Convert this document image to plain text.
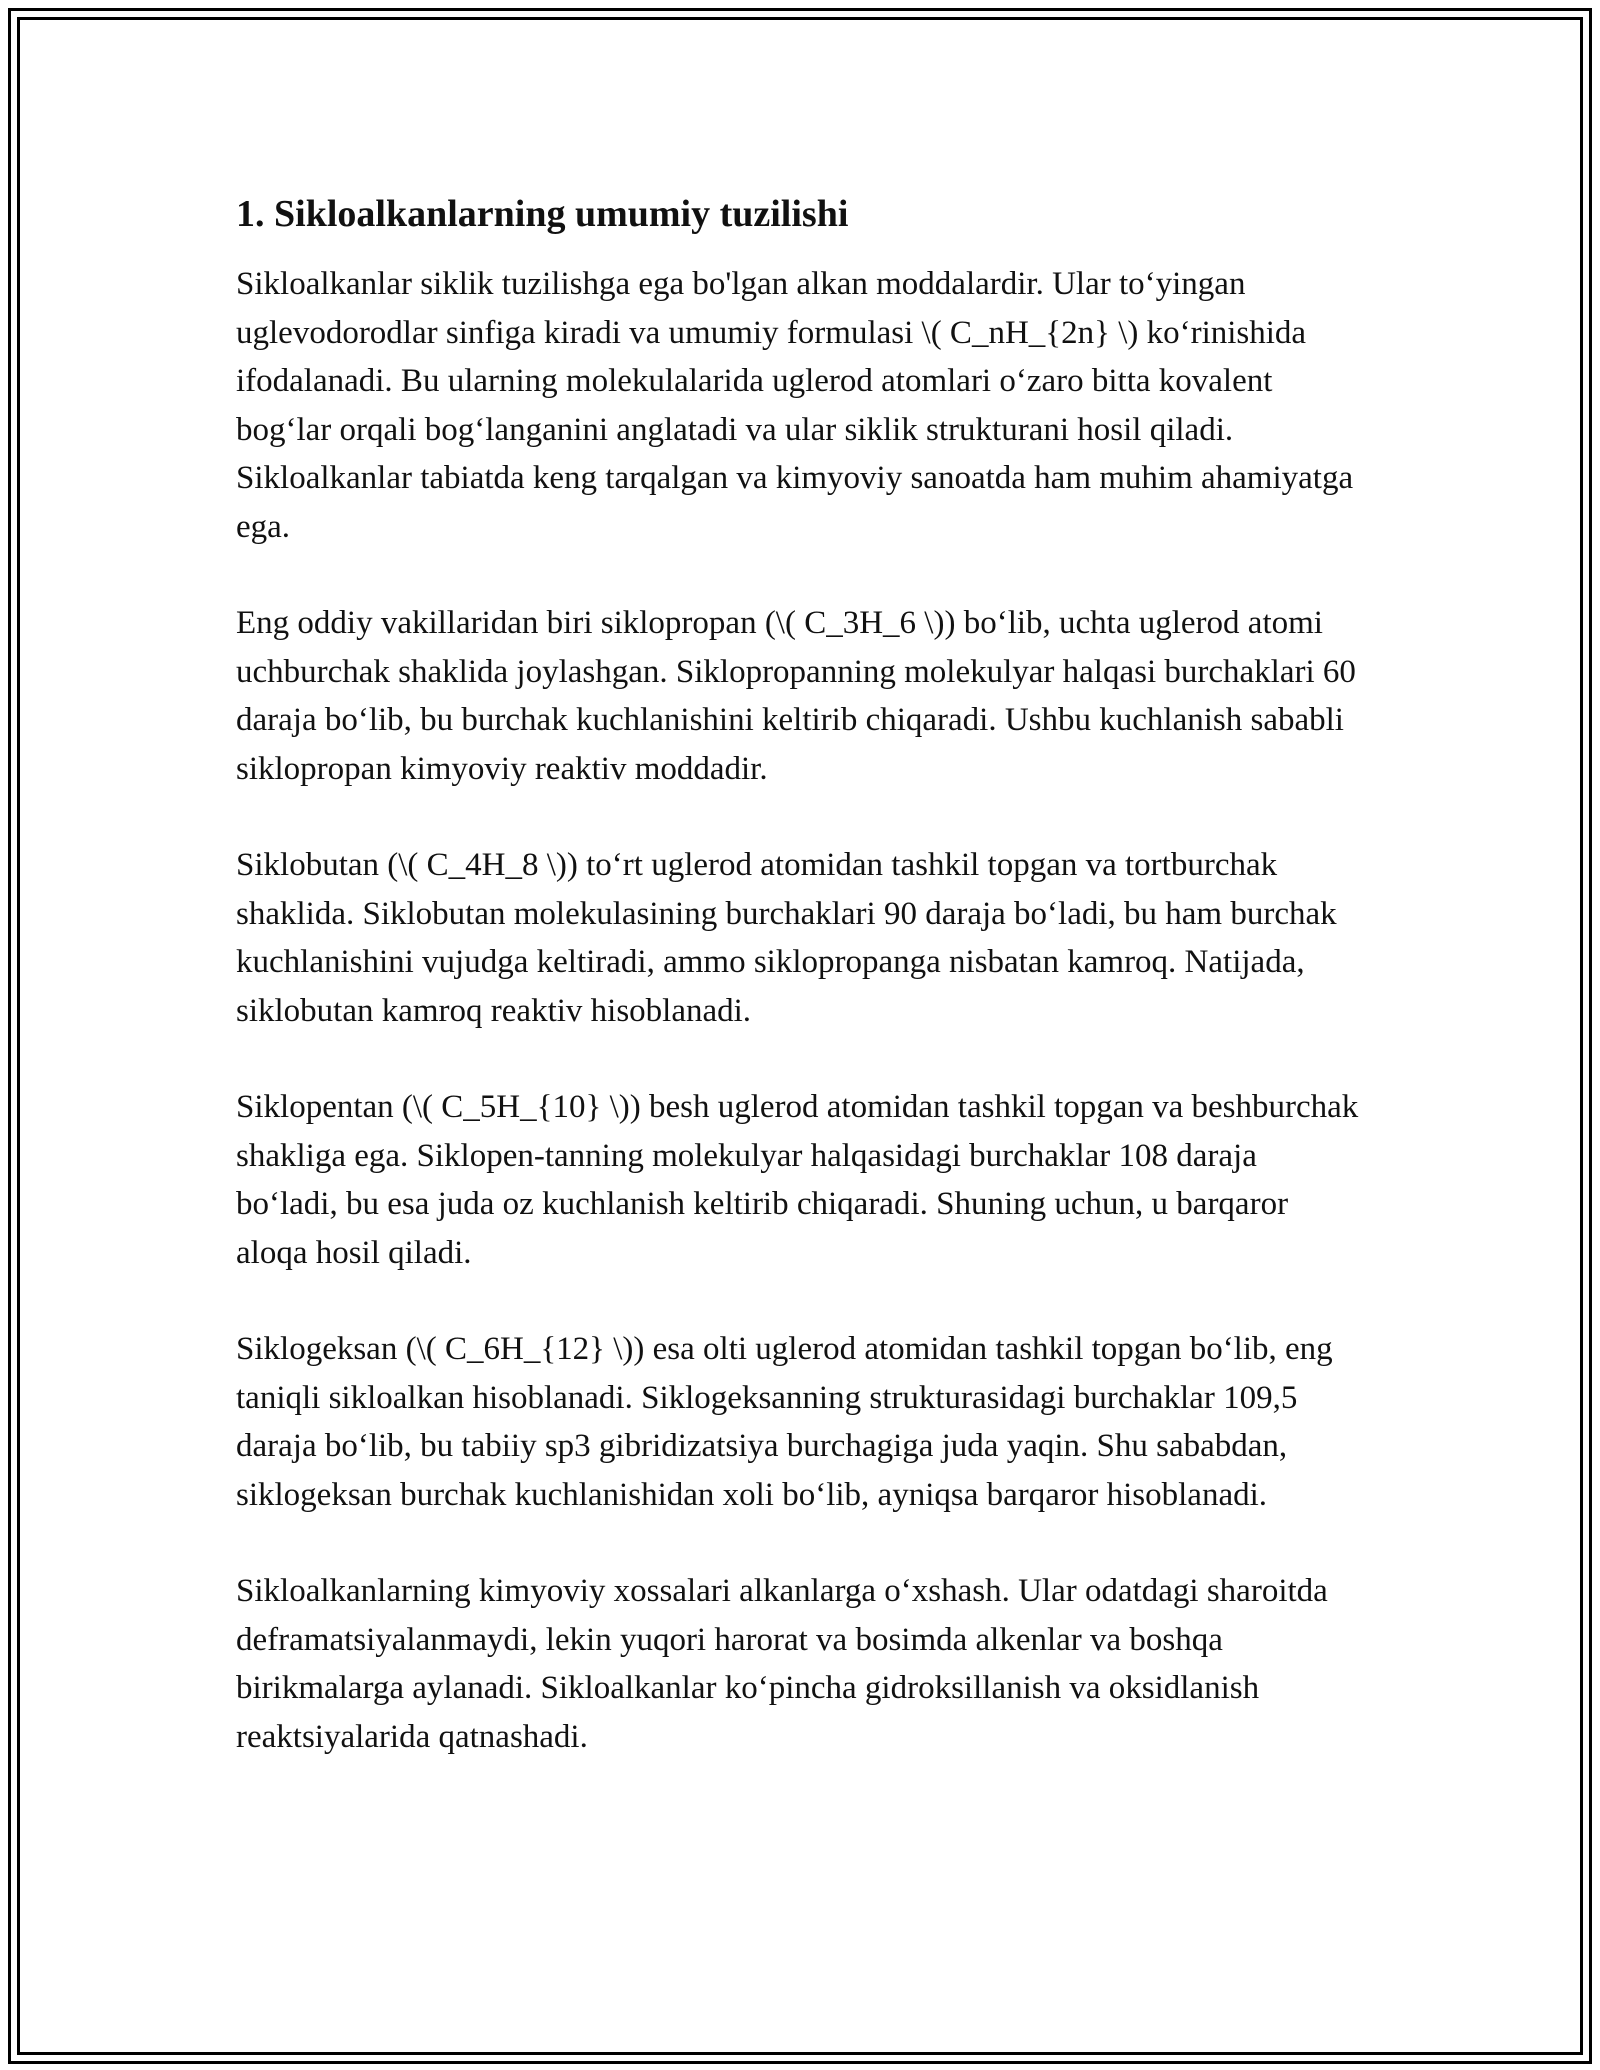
1. Sikloalkanlarning umumiy tuzilishi

Sikloalkanlar siklik tuzilishga ega bo'lgan alkan moddalardir. Ular to‘yingan uglevodorodlar sinfiga kiradi va umumiy formulasi \( C_nH_{2n} \) ko‘rinishida ifodalanadi. Bu ularning molekulalarida uglerod atomlari o‘zaro bitta kovalent bog‘lar orqali bog‘langanini anglatadi va ular siklik strukturani hosil qiladi. Sikloalkanlar tabiatda keng tarqalgan va kimyoviy sanoatda ham muhim ahamiyatga ega.

Eng oddiy vakillaridan biri siklopropan (\( C_3H_6 \)) bo‘lib, uchta uglerod atomi uchburchak shaklida joylashgan. Siklopropanning molekulyar halqasi burchaklari 60 daraja bo‘lib, bu burchak kuchlanishini keltirib chiqaradi. Ushbu kuchlanish sababli siklopropan kimyoviy reaktiv moddadir.

Siklobutan (\( C_4H_8 \)) to‘rt uglerod atomidan tashkil topgan va tortburchak shaklida. Siklobutan molekulasining burchaklari 90 daraja bo‘ladi, bu ham burchak kuchlanishini vujudga keltiradi, ammo siklopropanga nisbatan kamroq. Natijada, siklobutan kamroq reaktiv hisoblanadi.

Siklopentan (\( C_5H_{10} \)) besh uglerod atomidan tashkil topgan va beshburchak shakliga ega. Siklopen-tanning molekulyar halqasidagi burchaklar 108 daraja bo‘ladi, bu esa juda oz kuchlanish keltirib chiqaradi. Shuning uchun, u barqaror aloqa hosil qiladi.

Siklogeksan (\( C_6H_{12} \)) esa olti uglerod atomidan tashkil topgan bo‘lib, eng taniqli sikloalkan hisoblanadi. Siklogeksanning strukturasidagi burchaklar 109,5 daraja bo‘lib, bu tabiiy sp3 gibridizatsiya burchagiga juda yaqin. Shu sababdan, siklogeksan burchak kuchlanishidan xoli bo‘lib, ayniqsa barqaror hisoblanadi.

Sikloalkanlarning kimyoviy xossalari alkanlarga o‘xshash. Ular odatdagi sharoitda deframatsiyalanmaydi, lekin yuqori harorat va bosimda alkenlar va boshqa birikmalarga aylanadi. Sikloalkanlar ko‘pincha gidroksillanish va oksidlanish reaktsiyalarida qatnashadi.
